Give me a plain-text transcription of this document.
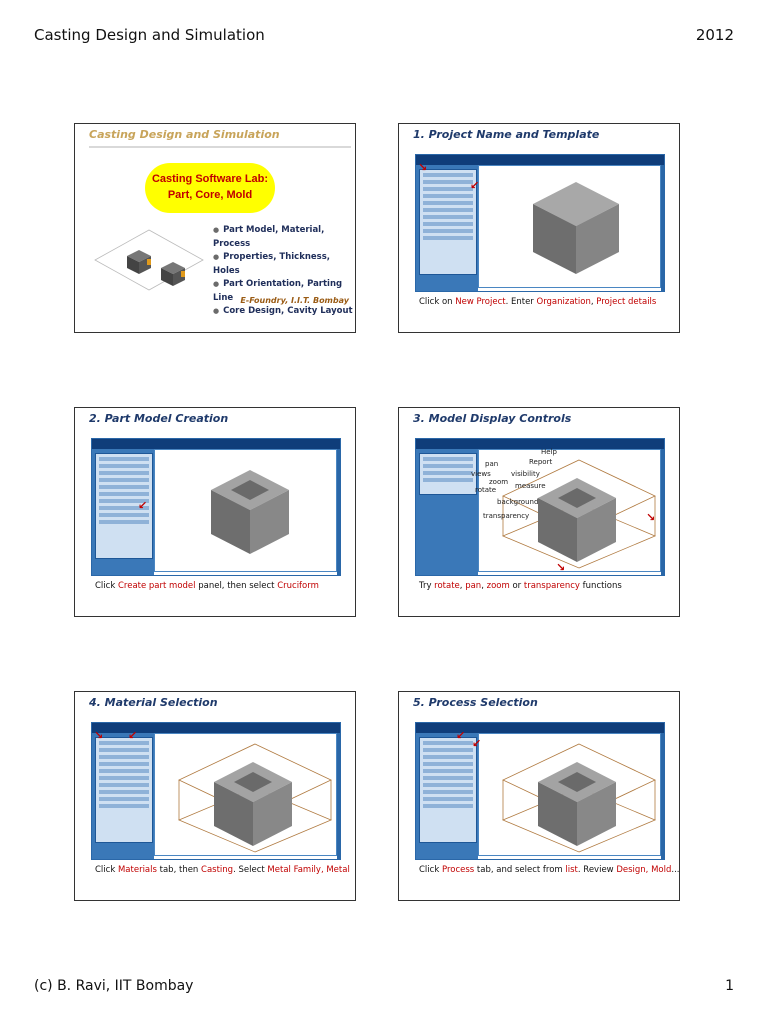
Casting Design and Simulation	2012
Casting Design and Simulation
Casting Software Lab:
Part, Core, Mold
● Part Model, Material, Process
● Properties, Thickness, Holes
● Part Orientation, Parting Line
● Core Design, Cavity Layout
E-Foundry, I.I.T. Bombay
1. Project Name and Template
↘
↙
Click on New Project. Enter Organization, Project details
2. Part Model Creation
↙
Click Create part model panel, then select Cruciform
3. Model Display Controls
Help
Report
pan
views	visibility
zoom measure
rotate
background
transparency	↘
↘
Try rotate, pan, zoom or transparency functions
4. Material Selection
↘ ↙
Click Materials tab, then Casting. Select Metal Family, Metal
5. Process Selection
↙
↙
Click Process tab, and select from list. Review Design, Mold...
(c) B. Ravi, IIT Bombay	1
